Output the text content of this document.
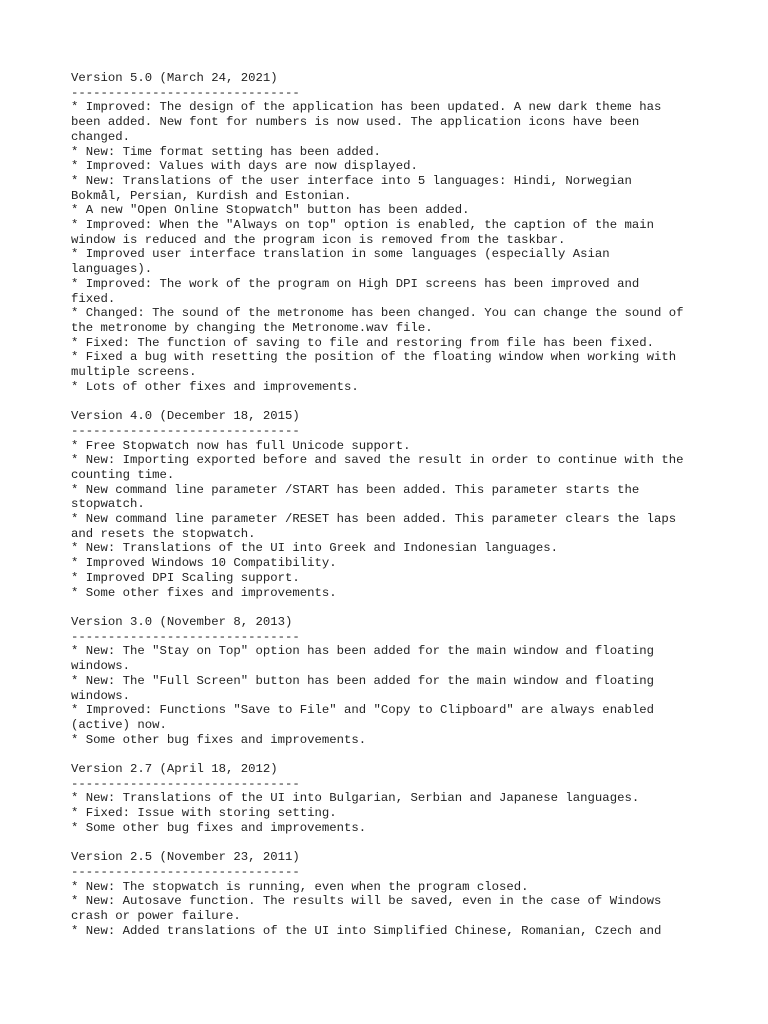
Version 5.0 (March 24, 2021)
-------------------------------
* Improved: The design of the application has been updated. A new dark theme has
been added. New font for numbers is now used. The application icons have been
changed.
* New: Time format setting has been added.
* Improved: Values with days are now displayed.
* New: Translations of the user interface into 5 languages: Hindi, Norwegian
Bokmål, Persian, Kurdish and Estonian.
* A new "Open Online Stopwatch" button has been added.
* Improved: When the "Always on top" option is enabled, the caption of the main
window is reduced and the program icon is removed from the taskbar.
* Improved user interface translation in some languages (especially Asian
languages).
* Improved: The work of the program on High DPI screens has been improved and
fixed.
* Changed: The sound of the metronome has been changed. You can change the sound of
the metronome by changing the Metronome.wav file.
* Fixed: The function of saving to file and restoring from file has been fixed.
* Fixed a bug with resetting the position of the floating window when working with
multiple screens.
* Lots of other fixes and improvements.
Version 4.0 (December 18, 2015)
-------------------------------
* Free Stopwatch now has full Unicode support.
* New: Importing exported before and saved the result in order to continue with the
counting time.
* New command line parameter /START has been added. This parameter starts the
stopwatch.
* New command line parameter /RESET has been added. This parameter clears the laps
and resets the stopwatch.
* New: Translations of the UI into Greek and Indonesian languages.
* Improved Windows 10 Compatibility.
* Improved DPI Scaling support.
* Some other fixes and improvements.
Version 3.0 (November 8, 2013)
-------------------------------
* New: The "Stay on Top" option has been added for the main window and floating
windows.
* New: The "Full Screen" button has been added for the main window and floating
windows.
* Improved: Functions "Save to File" and "Copy to Clipboard" are always enabled
(active) now.
* Some other bug fixes and improvements.
Version 2.7 (April 18, 2012)
-------------------------------
* New: Translations of the UI into Bulgarian, Serbian and Japanese languages.
* Fixed: Issue with storing setting.
* Some other bug fixes and improvements.
Version 2.5 (November 23, 2011)
-------------------------------
* New: The stopwatch is running, even when the program closed.
* New: Autosave function. The results will be saved, even in the case of Windows
crash or power failure.
* New: Added translations of the UI into Simplified Chinese, Romanian, Czech and
